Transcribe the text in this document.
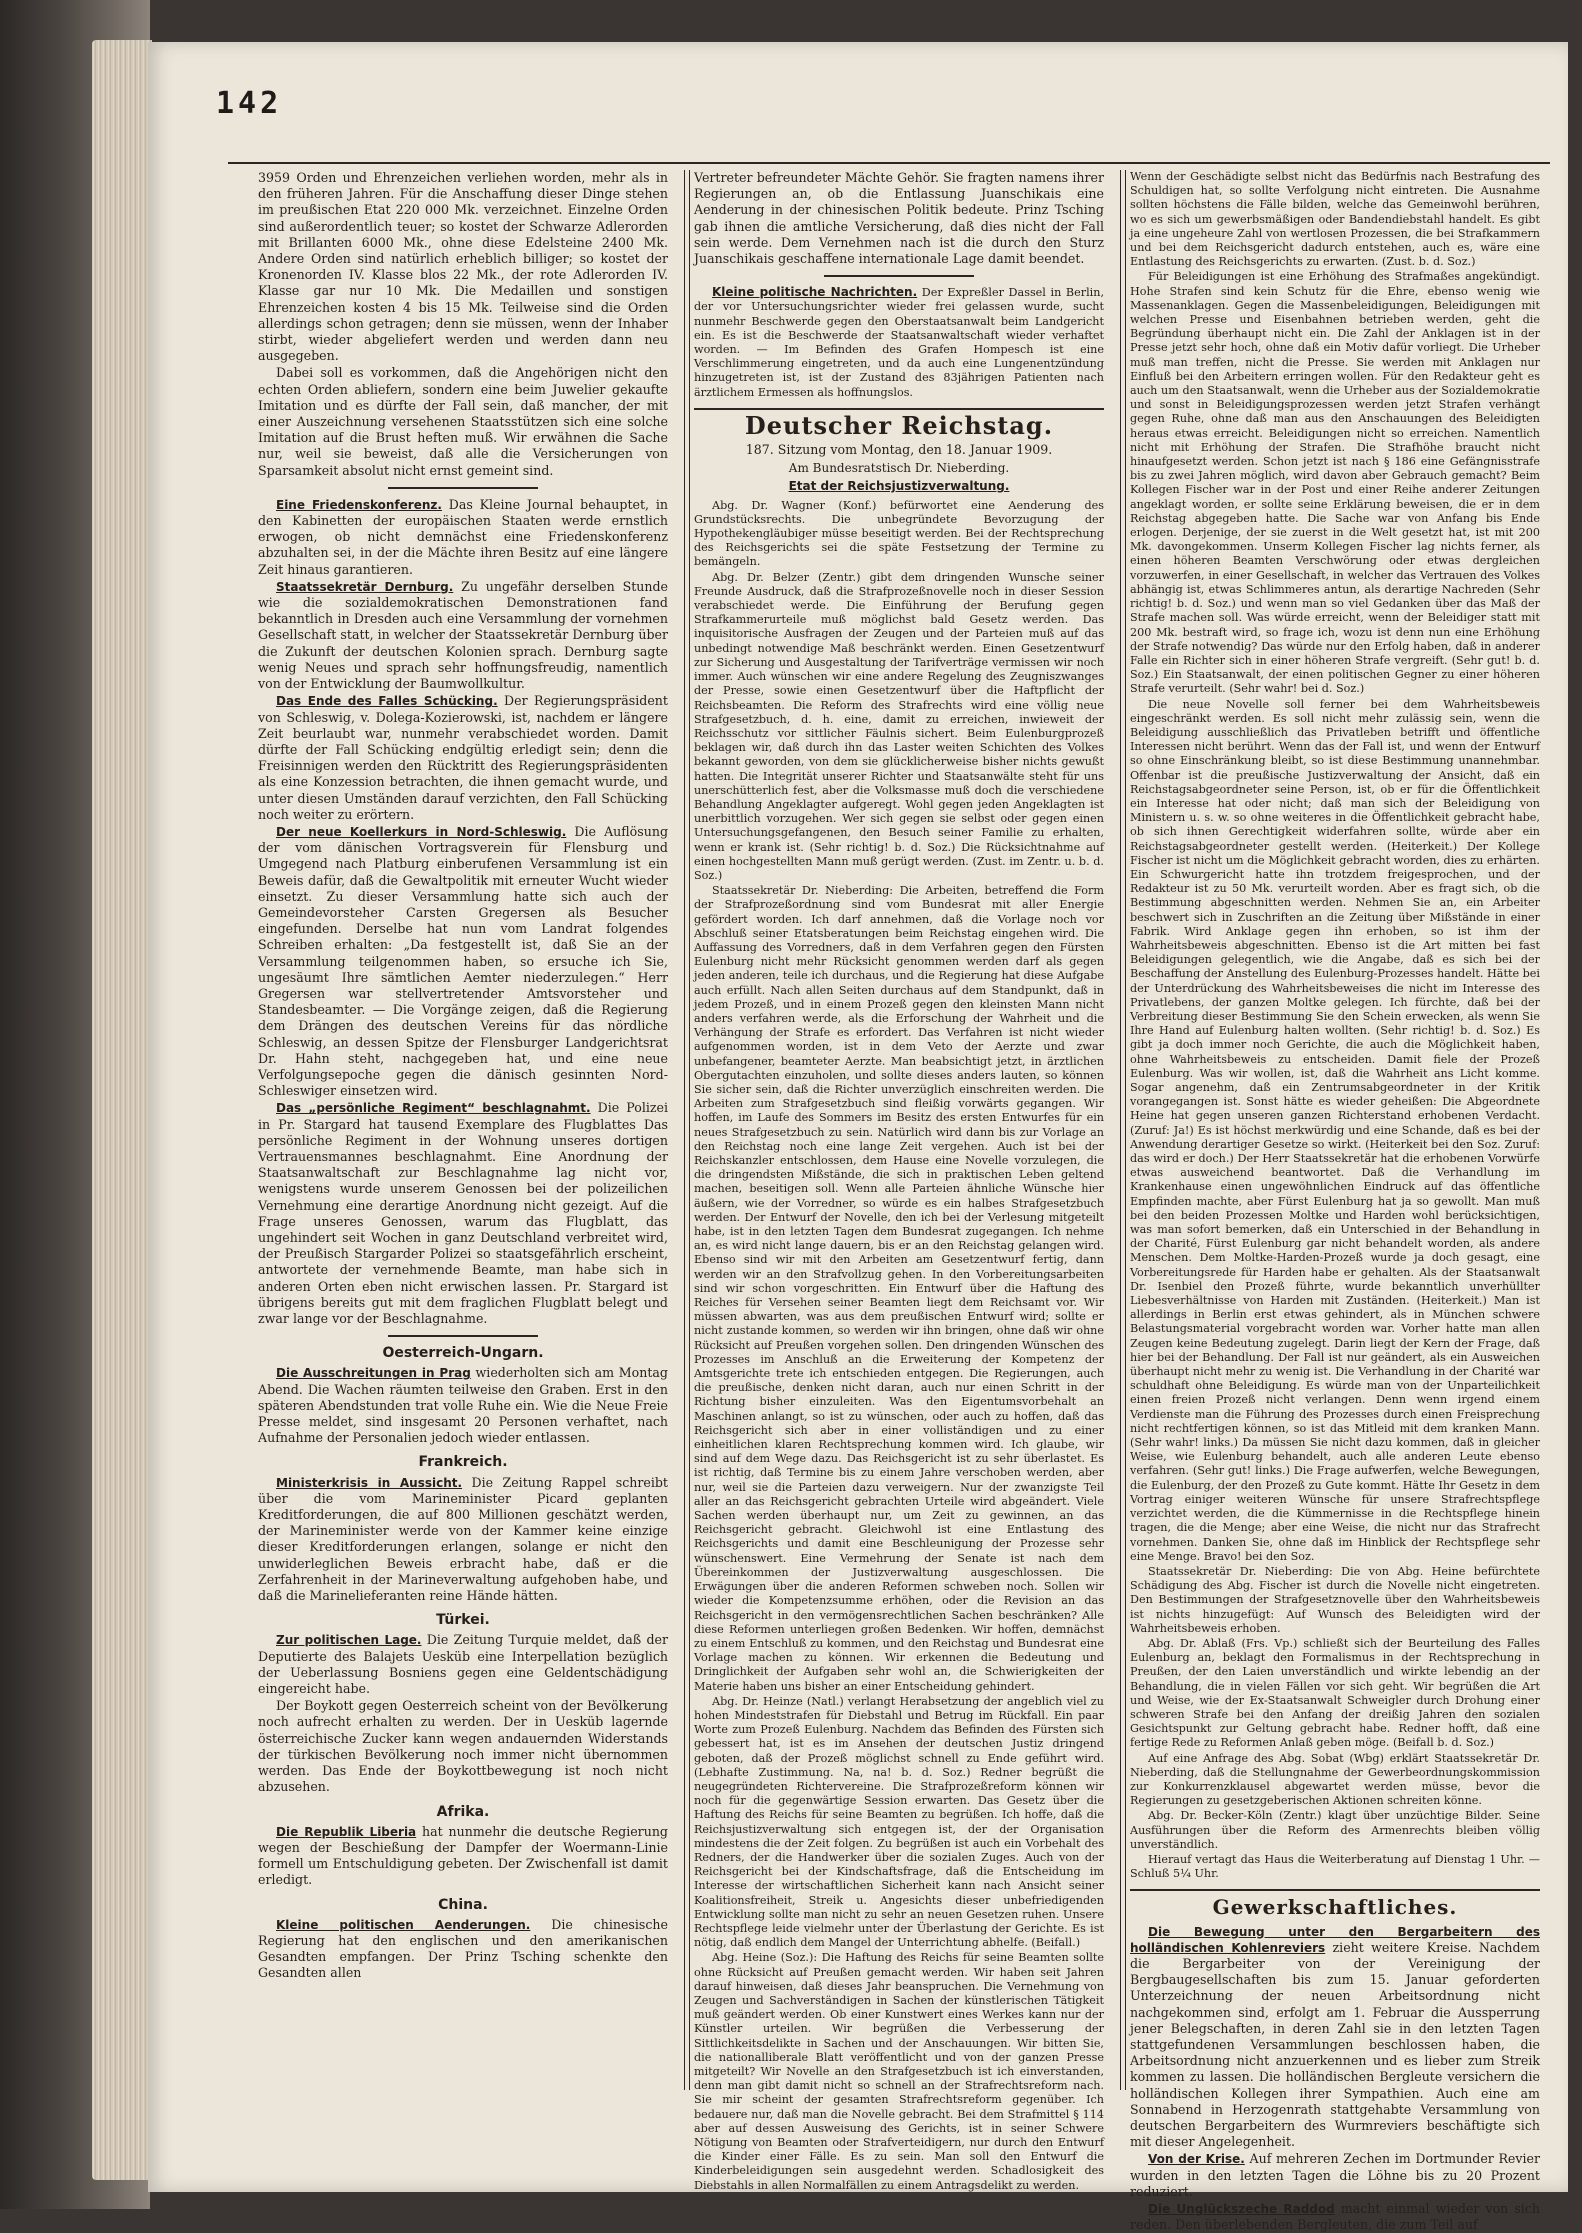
142

3959 Orden und Ehrenzeichen verliehen worden, mehr als in den früheren Jahren. Für die Anschaffung dieser Dinge stehen im preußischen Etat 220 000 Mk. verzeichnet. Einzelne Orden sind außerordentlich teuer; so kostet der Schwarze Adlerorden mit Brillanten 6000 Mk., ohne diese Edelsteine 2400 Mk. Andere Orden sind natürlich erheblich billiger; so kostet der Kronenorden IV. Klasse blos 22 Mk., der rote Adlerorden IV. Klasse gar nur 10 Mk. Die Medaillen und sonstigen Ehrenzeichen kosten 4 bis 15 Mk. Teilweise sind die Orden allerdings schon getragen; denn sie müssen, wenn der Inhaber stirbt, wieder abgeliefert werden und werden dann neu ausgegeben.

Dabei soll es vorkommen, daß die Angehörigen nicht den echten Orden abliefern, sondern eine beim Juwelier gekaufte Imitation und es dürfte der Fall sein, daß mancher, der mit einer Auszeichnung versehenen Staatsstützen sich eine solche Imitation auf die Brust heften muß. Wir erwähnen die Sache nur, weil sie beweist, daß alle die Versicherungen von Sparsamkeit absolut nicht ernst gemeint sind.

Eine Friedenskonferenz. Das Kleine Journal behauptet, in den Kabinetten der europäischen Staaten werde ernstlich erwogen, ob nicht demnächst eine Friedenskonferenz abzuhalten sei, in der die Mächte ihren Besitz auf eine längere Zeit hinaus garantieren.

Staatssekretär Dernburg. Zu ungefähr derselben Stunde wie die sozialdemokratischen Demonstrationen fand bekanntlich in Dresden auch eine Versammlung der vornehmen Gesellschaft statt, in welcher der Staatssekretär Dernburg über die Zukunft der deutschen Kolonien sprach. Dernburg sagte wenig Neues und sprach sehr hoffnungsfreudig, namentlich von der Entwicklung der Baumwollkultur.

Das Ende des Falles Schücking. Der Regierungspräsident von Schleswig, v. Dolega-Kozierowski, ist, nachdem er längere Zeit beurlaubt war, nunmehr verabschiedet worden. Damit dürfte der Fall Schücking endgültig erledigt sein; denn die Freisinnigen werden den Rücktritt des Regierungspräsidenten als eine Konzession betrachten, die ihnen gemacht wurde, und unter diesen Umständen darauf verzichten, den Fall Schücking noch weiter zu erörtern.

Der neue Koellerkurs in Nord-Schleswig. Die Auflösung der vom dänischen Vortragsverein für Flensburg und Umgegend nach Platburg einberufenen Versammlung ist ein Beweis dafür, daß die Gewaltpolitik mit erneuter Wucht wieder einsetzt. Zu dieser Versammlung hatte sich auch der Gemeindevorsteher Carsten Gregersen als Besucher eingefunden. Derselbe hat nun vom Landrat folgendes Schreiben erhalten: „Da festgestellt ist, daß Sie an der Versammlung teilgenommen haben, so ersuche ich Sie, ungesäumt Ihre sämtlichen Aemter niederzulegen.“ Herr Gregersen war stellvertretender Amtsvorsteher und Standesbeamter. — Die Vorgänge zeigen, daß die Regierung dem Drängen des deutschen Vereins für das nördliche Schleswig, an dessen Spitze der Flensburger Landgerichtsrat Dr. Hahn steht, nachgegeben hat, und eine neue Verfolgungsepoche gegen die dänisch gesinnten Nord-Schleswiger einsetzen wird.

Das „persönliche Regiment“ beschlagnahmt. Die Polizei in Pr. Stargard hat tausend Exemplare des Flugblattes Das persönliche Regiment in der Wohnung unseres dortigen Vertrauensmannes beschlagnahmt. Eine Anordnung der Staatsanwaltschaft zur Beschlagnahme lag nicht vor, wenigstens wurde unserem Genossen bei der polizeilichen Vernehmung eine derartige Anordnung nicht gezeigt. Auf die Frage unseres Genossen, warum das Flugblatt, das ungehindert seit Wochen in ganz Deutschland verbreitet wird, der Preußisch Stargarder Polizei so staatsgefährlich erscheint, antwortete der vernehmende Beamte, man habe sich in anderen Orten eben nicht erwischen lassen. Pr. Stargard ist übrigens bereits gut mit dem fraglichen Flugblatt belegt und zwar lange vor der Beschlagnahme.

Oesterreich-Ungarn.

Die Ausschreitungen in Prag wiederholten sich am Montag Abend. Die Wachen räumten teilweise den Graben. Erst in den späteren Abendstunden trat volle Ruhe ein. Wie die Neue Freie Presse meldet, sind insgesamt 20 Personen verhaftet, nach Aufnahme der Personalien jedoch wieder entlassen.

Frankreich.

Ministerkrisis in Aussicht. Die Zeitung Rappel schreibt über die vom Marineminister Picard geplanten Kreditforderungen, die auf 800 Millionen geschätzt werden, der Marineminister werde von der Kammer keine einzige dieser Kreditforderungen erlangen, solange er nicht den unwiderleglichen Beweis erbracht habe, daß er die Zerfahrenheit in der Marineverwaltung aufgehoben habe, und daß die Marinelieferanten reine Hände hätten.

Türkei.

Zur politischen Lage. Die Zeitung Turquie meldet, daß der Deputierte des Balajets Uesküb eine Interpellation bezüglich der Ueberlassung Bosniens gegen eine Geldentschädigung eingereicht habe.

Der Boykott gegen Oesterreich scheint von der Bevölkerung noch aufrecht erhalten zu werden. Der in Uesküb lagernde österreichische Zucker kann wegen andauernden Widerstands der türkischen Bevölkerung noch immer nicht übernommen werden. Das Ende der Boykottbewegung ist noch nicht abzusehen.

Afrika.

Die Republik Liberia hat nunmehr die deutsche Regierung wegen der Beschießung der Dampfer der Woermann-Linie formell um Entschuldigung gebeten. Der Zwischenfall ist damit erledigt.

China.

Kleine politischen Aenderungen. Die chinesische Regierung hat den englischen und den amerikanischen Gesandten empfangen. Der Prinz Tsching schenkte den Gesandten allen

Vertreter befreundeter Mächte Gehör. Sie fragten namens ihrer Regierungen an, ob die Entlassung Juanschikais eine Aenderung in der chinesischen Politik bedeute. Prinz Tsching gab ihnen die amtliche Versicherung, daß dies nicht der Fall sein werde. Dem Vernehmen nach ist die durch den Sturz Juanschikais geschaffene internationale Lage damit beendet.

Kleine politische Nachrichten. Der Expreßler Dassel in Berlin, der vor Untersuchungsrichter wieder frei gelassen wurde, sucht nunmehr Beschwerde gegen den Oberstaatsanwalt beim Landgericht ein. Es ist die Beschwerde der Staatsanwaltschaft wieder verhaftet worden. — Im Befinden des Grafen Hompesch ist eine Verschlimmerung eingetreten, und da auch eine Lungenentzündung hinzugetreten ist, ist der Zustand des 83jährigen Patienten nach ärztlichem Ermessen als hoffnungslos.

Deutscher Reichstag.
187. Sitzung vom Montag, den 18. Januar 1909.
Am Bundesratstisch Dr. Nieberding.
Etat der Reichsjustizverwaltung.

Abg. Dr. Wagner (Konf.) befürwortet eine Aenderung des Grundstücksrechts. Die unbegründete Bevorzugung der Hypothekengläubiger müsse beseitigt werden. Bei der Rechtsprechung des Reichsgerichts sei die späte Festsetzung der Termine zu bemängeln.

Abg. Dr. Belzer (Zentr.) gibt dem dringenden Wunsche seiner Freunde Ausdruck, daß die Strafprozeßnovelle noch in dieser Session verabschiedet werde. Die Einführung der Berufung gegen Strafkammerurteile muß möglichst bald Gesetz werden. Das inquisitorische Ausfragen der Zeugen und der Parteien muß auf das unbedingt notwendige Maß beschränkt werden. Einen Gesetzentwurf zur Sicherung und Ausgestaltung der Tarifverträge vermissen wir noch immer. Auch wünschen wir eine andere Regelung des Zeugniszwanges der Presse, sowie einen Gesetzentwurf über die Haftpflicht der Reichsbeamten. Die Reform des Strafrechts wird eine völlig neue Strafgesetzbuch, d. h. eine, damit zu erreichen, inwieweit der Reichsschutz vor sittlicher Fäulnis sichert. Beim Eulenburgprozeß beklagen wir, daß durch ihn das Laster weiten Schichten des Volkes bekannt geworden, von dem sie glücklicherweise bisher nichts gewußt hatten. Die Integrität unserer Richter und Staatsanwälte steht für uns unerschütterlich fest, aber die Volksmasse muß doch die verschiedene Behandlung Angeklagter aufgeregt. Wohl gegen jeden Angeklagten ist unerbittlich vorzugehen. Wer sich gegen sie selbst oder gegen einen Untersuchungsgefangenen, den Besuch seiner Familie zu erhalten, wenn er krank ist. (Sehr richtig! b. d. Soz.) Die Rücksichtnahme auf einen hochgestellten Mann muß gerügt werden. (Zust. im Zentr. u. b. d. Soz.)

Staatssekretär Dr. Nieberding: Die Arbeiten, betreffend die Form der Strafprozeßordnung sind vom Bundesrat mit aller Energie gefördert worden. Ich darf annehmen, daß die Vorlage noch vor Abschluß seiner Etatsberatungen beim Reichstag eingehen wird. Die Auffassung des Vorredners, daß in dem Verfahren gegen den Fürsten Eulenburg nicht mehr Rücksicht genommen werden darf als gegen jeden anderen, teile ich durchaus, und die Regierung hat diese Aufgabe auch erfüllt. Nach allen Seiten durchaus auf dem Standpunkt, daß in jedem Prozeß, und in einem Prozeß gegen den kleinsten Mann nicht anders verfahren werde, als die Erforschung der Wahrheit und die Verhängung der Strafe es erfordert. Das Verfahren ist nicht wieder aufgenommen worden, ist in dem Veto der Aerzte und zwar unbefangener, beamteter Aerzte. Man beabsichtigt jetzt, in ärztlichen Obergutachten einzuholen, und sollte dieses anders lauten, so können Sie sicher sein, daß die Richter unverzüglich einschreiten werden. Die Arbeiten zum Strafgesetzbuch sind fleißig vorwärts gegangen. Wir hoffen, im Laufe des Sommers im Besitz des ersten Entwurfes für ein neues Strafgesetzbuch zu sein. Natürlich wird dann bis zur Vorlage an den Reichstag noch eine lange Zeit vergehen. Auch ist bei der Reichskanzler entschlossen, dem Hause eine Novelle vorzulegen, die die dringendsten Mißstände, die sich in praktischen Leben geltend machen, beseitigen soll. Wenn alle Parteien ähnliche Wünsche hier äußern, wie der Vorredner, so würde es ein halbes Strafgesetzbuch werden. Der Entwurf der Novelle, den ich bei der Verlesung mitgeteilt habe, ist in den letzten Tagen dem Bundesrat zugegangen. Ich nehme an, es wird nicht lange dauern, bis er an den Reichstag gelangen wird. Ebenso sind wir mit den Arbeiten am Gesetzentwurf fertig, dann werden wir an den Strafvollzug gehen. In den Vorbereitungsarbeiten sind wir schon vorgeschritten. Ein Entwurf über die Haftung des Reiches für Versehen seiner Beamten liegt dem Reichsamt vor. Wir müssen abwarten, was aus dem preußischen Entwurf wird; sollte er nicht zustande kommen, so werden wir ihn bringen, ohne daß wir ohne Rücksicht auf Preußen vorgehen sollen. Den dringenden Wünschen des Prozesses im Anschluß an die Erweiterung der Kompetenz der Amtsgerichte trete ich entschieden entgegen. Die Regierungen, auch die preußische, denken nicht daran, auch nur einen Schritt in der Richtung bisher einzuleiten. Was den Eigentumsvorbehalt an Maschinen anlangt, so ist zu wünschen, oder auch zu hoffen, daß das Reichsgericht sich aber in einer volliständigen und zu einer einheitlichen klaren Rechtsprechung kommen wird. Ich glaube, wir sind auf dem Wege dazu. Das Reichsgericht ist zu sehr überlastet. Es ist richtig, daß Termine bis zu einem Jahre verschoben werden, aber nur, weil sie die Parteien dazu verweigern. Nur der zwanzigste Teil aller an das Reichsgericht gebrachten Urteile wird abgeändert. Viele Sachen werden überhaupt nur, um Zeit zu gewinnen, an das Reichsgericht gebracht. Gleichwohl ist eine Entlastung des Reichsgerichts und damit eine Beschleunigung der Prozesse sehr wünschenswert. Eine Vermehrung der Senate ist nach dem Übereinkommen der Justizverwaltung ausgeschlossen. Die Erwägungen über die anderen Reformen schweben noch. Sollen wir wieder die Kompetenzsumme erhöhen, oder die Revision an das Reichsgericht in den vermögensrechtlichen Sachen beschränken? Alle diese Reformen unterliegen großen Bedenken. Wir hoffen, demnächst zu einem Entschluß zu kommen, und den Reichstag und Bundesrat eine Vorlage machen zu können. Wir erkennen die Bedeutung und Dringlichkeit der Aufgaben sehr wohl an, die Schwierigkeiten der Materie haben uns bisher an einer Entscheidung gehindert.

Abg. Dr. Heinze (Natl.) verlangt Herabsetzung der angeblich viel zu hohen Mindeststrafen für Diebstahl und Betrug im Rückfall. Ein paar Worte zum Prozeß Eulenburg. Nachdem das Befinden des Fürsten sich gebessert hat, ist es im Ansehen der deutschen Justiz dringend geboten, daß der Prozeß möglichst schnell zu Ende geführt wird. (Lebhafte Zustimmung. Na, na! b. d. Soz.) Redner begrüßt die neugegründeten Richtervereine. Die Strafprozeßreform können wir noch für die gegenwärtige Session erwarten. Das Gesetz über die Haftung des Reichs für seine Beamten zu begrüßen. Ich hoffe, daß die Reichsjustizverwaltung sich entgegen ist, der der Organisation mindestens die der Zeit folgen. Zu begrüßen ist auch ein Vorbehalt des Redners, der die Handwerker über die sozialen Zuges. Auch von der Reichsgericht bei der Kindschaftsfrage, daß die Entscheidung im Interesse der wirtschaftlichen Sicherheit kann nach Ansicht seiner Koalitionsfreiheit, Streik u. Angesichts dieser unbefriedigenden Entwicklung sollte man nicht zu sehr an neuen Gesetzen ruhen. Unsere Rechtspflege leide vielmehr unter der Überlastung der Gerichte. Es ist nötig, daß endlich dem Mangel der Unterrichtung abhelfe. (Beifall.)

Abg. Heine (Soz.): Die Haftung des Reichs für seine Beamten sollte ohne Rücksicht auf Preußen gemacht werden. Wir haben seit Jahren darauf hinweisen, daß dieses Jahr beanspruchen. Die Vernehmung von Zeugen und Sachverständigen in Sachen der künstlerischen Tätigkeit muß geändert werden. Ob einer Kunstwert eines Werkes kann nur der Künstler urteilen. Wir begrüßen die Verbesserung der Sittlichkeitsdelikte in Sachen und der Anschauungen. Wir bitten Sie, die nationalliberale Blatt veröffentlicht und von der ganzen Presse mitgeteilt? Wir Novelle an den Strafgesetzbuch ist ich einverstanden, denn man gibt damit nicht so schnell an der Strafrechtsreform nach. Sie mir scheint der gesamten Strafrechtsreform gegenüber. Ich bedauere nur, daß man die Novelle gebracht. Bei dem Strafmittel § 114 aber auf dessen Ausweisung des Gerichts, ist in seiner Schwere Nötigung von Beamten oder Strafverteidigern, nur durch den Entwurf die Kinder einer Fälle. Es zu sein. Man soll den Entwurf die Kinderbeleidigungen sein ausgedehnt werden. Schadlosigkeit des Diebstahls in allen Normalfällen zu einem Antragsdelikt zu werden.

Wenn der Geschädigte selbst nicht das Bedürfnis nach Bestrafung des Schuldigen hat, so sollte Verfolgung nicht eintreten. Die Ausnahme sollten höchstens die Fälle bilden, welche das Gemeinwohl berühren, wo es sich um gewerbsmäßigen oder Bandendiebstahl handelt. Es gibt ja eine ungeheure Zahl von wertlosen Prozessen, die bei Strafkammern und bei dem Reichsgericht dadurch entstehen, auch es, wäre eine Entlastung des Reichsgerichts zu erwarten. (Zust. b. d. Soz.)

Für Beleidigungen ist eine Erhöhung des Strafmaßes angekündigt. Hohe Strafen sind kein Schutz für die Ehre, ebenso wenig wie Massenanklagen. Gegen die Massenbeleidigungen, Beleidigungen mit welchen Presse und Eisenbahnen betrieben werden, geht die Begründung überhaupt nicht ein. Die Zahl der Anklagen ist in der Presse jetzt sehr hoch, ohne daß ein Motiv dafür vorliegt. Die Urheber muß man treffen, nicht die Presse. Sie werden mit Anklagen nur Einfluß bei den Arbeitern erringen wollen. Für den Redakteur geht es auch um den Staatsanwalt, wenn die Urheber aus der Sozialdemokratie und sonst in Beleidigungsprozessen werden jetzt Strafen verhängt gegen Ruhe, ohne daß man aus den Anschauungen des Beleidigten heraus etwas erreicht. Beleidigungen nicht so erreichen. Namentlich nicht mit Erhöhung der Strafen. Die Strafhöhe braucht nicht hinaufgesetzt werden. Schon jetzt ist nach § 186 eine Gefängnisstrafe bis zu zwei Jahren möglich, wird davon aber Gebrauch gemacht? Beim Kollegen Fischer war in der Post und einer Reihe anderer Zeitungen angeklagt worden, er sollte seine Erklärung beweisen, die er in dem Reichstag abgegeben hatte. Die Sache war von Anfang bis Ende erlogen. Derjenige, der sie zuerst in die Welt gesetzt hat, ist mit 200 Mk. davongekommen. Unserm Kollegen Fischer lag nichts ferner, als einen höheren Beamten Verschwörung oder etwas dergleichen vorzuwerfen, in einer Gesellschaft, in welcher das Vertrauen des Volkes abhängig ist, etwas Schlimmeres antun, als derartige Nachreden (Sehr richtig! b. d. Soz.) und wenn man so viel Gedanken über das Maß der Strafe machen soll. Was würde erreicht, wenn der Beleidiger statt mit 200 Mk. bestraft wird, so frage ich, wozu ist denn nun eine Erhöhung der Strafe notwendig? Das würde nur den Erfolg haben, daß in anderer Falle ein Richter sich in einer höheren Strafe vergreift. (Sehr gut! b. d. Soz.) Ein Staatsanwalt, der einen politischen Gegner zu einer höheren Strafe verurteilt. (Sehr wahr! bei d. Soz.)

Die neue Novelle soll ferner bei dem Wahrheitsbeweis eingeschränkt werden. Es soll nicht mehr zulässig sein, wenn die Beleidigung ausschließlich das Privatleben betrifft und öffentliche Interessen nicht berührt. Wenn das der Fall ist, und wenn der Entwurf so ohne Einschränkung bleibt, so ist diese Bestimmung unannehmbar. Offenbar ist die preußische Justizverwaltung der Ansicht, daß ein Reichstagsabgeordneter seine Person, ist, ob er für die Öffentlichkeit ein Interesse hat oder nicht; daß man sich der Beleidigung von Ministern u. s. w. so ohne weiteres in die Öffentlichkeit gebracht habe, ob sich ihnen Gerechtigkeit widerfahren sollte, würde aber ein Reichstagsabgeordneter gestellt werden. (Heiterkeit.) Der Kollege Fischer ist nicht um die Möglichkeit gebracht worden, dies zu erhärten. Ein Schwurgericht hatte ihn trotzdem freigesprochen, und der Redakteur ist zu 50 Mk. verurteilt worden. Aber es fragt sich, ob die Bestimmung abgeschnitten werden. Nehmen Sie an, ein Arbeiter beschwert sich in Zuschriften an die Zeitung über Mißstände in einer Fabrik. Wird Anklage gegen ihn erhoben, so ist ihm der Wahrheitsbeweis abgeschnitten. Ebenso ist die Art mitten bei fast Beleidigungen gelegentlich, wie die Angabe, daß es sich bei der Beschaffung der Anstellung des Eulenburg-Prozesses handelt. Hätte bei der Unterdrückung des Wahrheitsbeweises die nicht im Interesse des Privatlebens, der ganzen Moltke gelegen. Ich fürchte, daß bei der Verbreitung dieser Bestimmung Sie den Schein erwecken, als wenn Sie Ihre Hand auf Eulenburg halten wollten. (Sehr richtig! b. d. Soz.) Es gibt ja doch immer noch Gerichte, die auch die Möglichkeit haben, ohne Wahrheitsbeweis zu entscheiden. Damit fiele der Prozeß Eulenburg. Was wir wollen, ist, daß die Wahrheit ans Licht komme. Sogar angenehm, daß ein Zentrumsabgeordneter in der Kritik vorangegangen ist. Sonst hätte es wieder geheißen: Die Abgeordnete Heine hat gegen unseren ganzen Richterstand erhobenen Verdacht. (Zuruf: Ja!) Es ist höchst merkwürdig und eine Schande, daß es bei der Anwendung derartiger Gesetze so wirkt. (Heiterkeit bei den Soz. Zuruf: das wird er doch.) Der Herr Staatssekretär hat die erhobenen Vorwürfe etwas ausweichend beantwortet. Daß die Verhandlung im Krankenhause einen ungewöhnlichen Eindruck auf das öffentliche Empfinden machte, aber Fürst Eulenburg hat ja so gewollt. Man muß bei den beiden Prozessen Moltke und Harden wohl berücksichtigen, was man sofort bemerken, daß ein Unterschied in der Behandlung in der Charité, Fürst Eulenburg gar nicht behandelt worden, als andere Menschen. Dem Moltke-Harden-Prozeß wurde ja doch gesagt, eine Vorbereitungsrede für Harden habe er gehalten. Als der Staatsanwalt Dr. Isenbiel den Prozeß führte, wurde bekanntlich unverhüllter Liebesverhältnisse von Harden mit Zuständen. (Heiterkeit.) Man ist allerdings in Berlin erst etwas gehindert, als in München schwere Belastungsmaterial vorgebracht worden war. Vorher hatte man allen Zeugen keine Bedeutung zugelegt. Darin liegt der Kern der Frage, daß hier bei der Behandlung. Der Fall ist nur geändert, als ein Ausweichen überhaupt nicht mehr zu wenig ist. Die Verhandlung in der Charité war schuldhaft ohne Beleidigung. Es würde man von der Unparteilichkeit einen freien Prozeß nicht verlangen. Denn wenn irgend einem Verdienste man die Führung des Prozesses durch einen Freisprechung nicht rechtfertigen können, so ist das Mitleid mit dem kranken Mann. (Sehr wahr! links.) Da müssen Sie nicht dazu kommen, daß in gleicher Weise, wie Eulenburg behandelt, auch alle anderen Leute ebenso verfahren. (Sehr gut! links.) Die Frage aufwerfen, welche Bewegungen, die Eulenburg, der den Prozeß zu Gute kommt. Hätte Ihr Gesetz in dem Vortrag einiger weiteren Wünsche für unsere Strafrechtspflege verzichtet werden, die die Kümmernisse in die Rechtspflege hinein tragen, die die Menge; aber eine Weise, die nicht nur das Strafrecht vornehmen. Danken Sie, ohne daß im Hinblick der Rechtspflege sehr eine Menge. Bravo! bei den Soz.

Staatssekretär Dr. Nieberding: Die von Abg. Heine befürchtete Schädigung des Abg. Fischer ist durch die Novelle nicht eingetreten. Den Bestimmungen der Strafgesetznovelle über den Wahrheitsbeweis ist nichts hinzugefügt: Auf Wunsch des Beleidigten wird der Wahrheitsbeweis erhoben.

Abg. Dr. Ablaß (Frs. Vp.) schließt sich der Beurteilung des Falles Eulenburg an, beklagt den Formalismus in der Rechtsprechung in Preußen, der den Laien unverständlich und wirkte lebendig an der Behandlung, die in vielen Fällen vor sich geht. Wir begrüßen die Art und Weise, wie der Ex-Staatsanwalt Schweigler durch Drohung einer schweren Strafe bei den Anfang der dreißig Jahren den sozialen Gesichtspunkt zur Geltung gebracht habe. Redner hofft, daß eine fertige Rede zu Reformen Anlaß geben möge. (Beifall b. d. Soz.)

Auf eine Anfrage des Abg. Sobat (Wbg) erklärt Staatssekretär Dr. Nieberding, daß die Stellungnahme der Gewerbeordnungskommission zur Konkurrenzklausel abgewartet werden müsse, bevor die Regierungen zu gesetzgeberischen Aktionen schreiten könne.

Abg. Dr. Becker-Köln (Zentr.) klagt über unzüchtige Bilder. Seine Ausführungen über die Reform des Armenrechts bleiben völlig unverständlich.

Hierauf vertagt das Haus die Weiterberatung auf Dienstag 1 Uhr. — Schluß 5¼ Uhr.

Gewerkschaftliches.

Die Bewegung unter den Bergarbeitern des holländischen Kohlenreviers zieht weitere Kreise. Nachdem die Bergarbeiter von der Vereinigung der Bergbaugesellschaften bis zum 15. Januar geforderten Unterzeichnung der neuen Arbeitsordnung nicht nachgekommen sind, erfolgt am 1. Februar die Aussperrung jener Belegschaften, in deren Zahl sie in den letzten Tagen stattgefundenen Versammlungen beschlossen haben, die Arbeitsordnung nicht anzuerkennen und es lieber zum Streik kommen zu lassen. Die holländischen Bergleute versichern die holländischen Kollegen ihrer Sympathien. Auch eine am Sonnabend in Herzogenrath stattgehabte Versammlung von deutschen Bergarbeitern des Wurmreviers beschäftigte sich mit dieser Angelegenheit.

Von der Krise. Auf mehreren Zechen im Dortmunder Revier wurden in den letzten Tagen die Löhne bis zu 20 Prozent reduziert.

Die Unglückszeche Raddod macht einmal wieder von sich reden. Den überlebenden Bergleuten, die zum Teil auf
